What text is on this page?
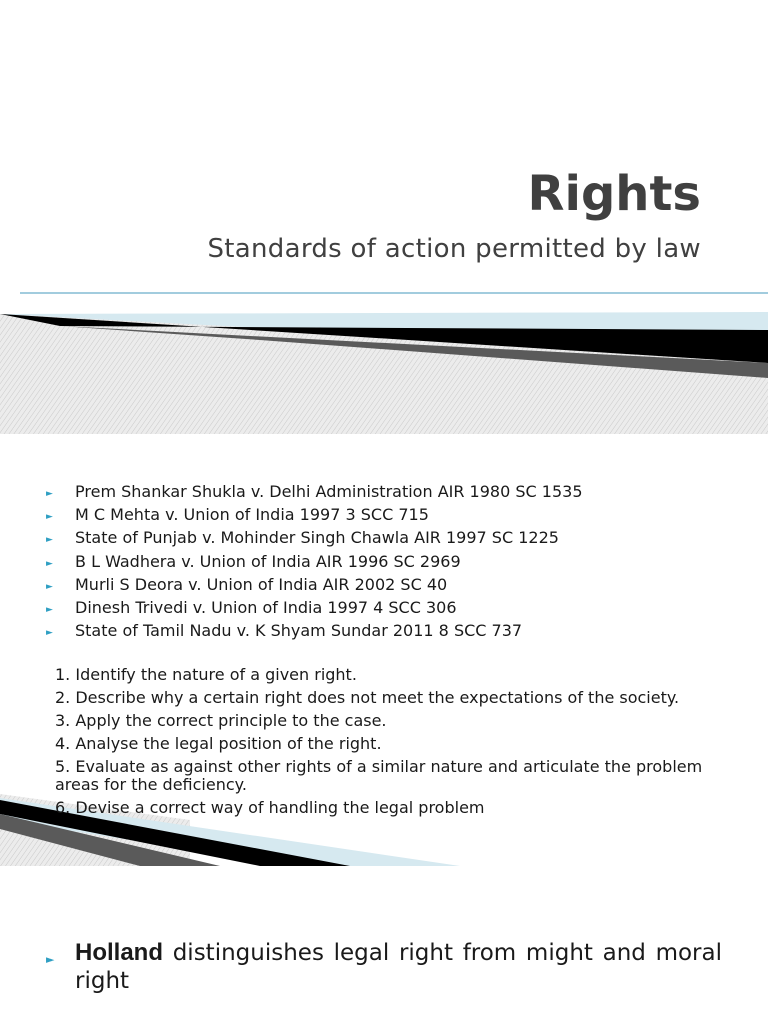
Rights
Standards of action permitted by law
► Prem Shankar Shukla v. Delhi Administration AIR 1980 SC 1535
► M C Mehta v. Union of India 1997 3 SCC 715
► State of Punjab v. Mohinder Singh Chawla AIR 1997 SC 1225
► B L Wadhera v. Union of India AIR 1996 SC 2969
► Murli S Deora v. Union of India AIR 2002 SC 40
► Dinesh Trivedi v. Union of India 1997 4 SCC 306
► State of Tamil Nadu v. K Shyam Sundar 2011 8 SCC 737
1. Identify the nature of a given right.
2. Describe why a certain right does not meet the expectations of the society.
3. Apply the correct principle to the case.
4. Analyse the legal position of the right.
5. Evaluate as against other rights of a similar nature and articulate the problem areas for the deficiency.
6. Devise a correct way of handling the legal problem
► Holland distinguishes legal right from might and moral
right
